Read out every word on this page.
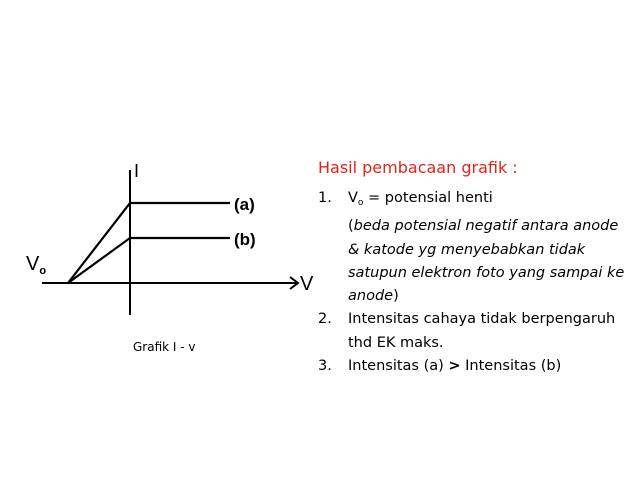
I
V
(a)
(b)
$V_o$
Grafik I - v
Hasil pembacaan grafik :
1. $V_o$ = potensial henti
(beda potensial negatif antara anode & katode yg menyebabkan tidak satupun elektron foto yang sampai ke anode)
2. Intensitas cahaya tidak berpengaruh thd EK maks.
3. Intensitas (a) > Intensitas (b)
